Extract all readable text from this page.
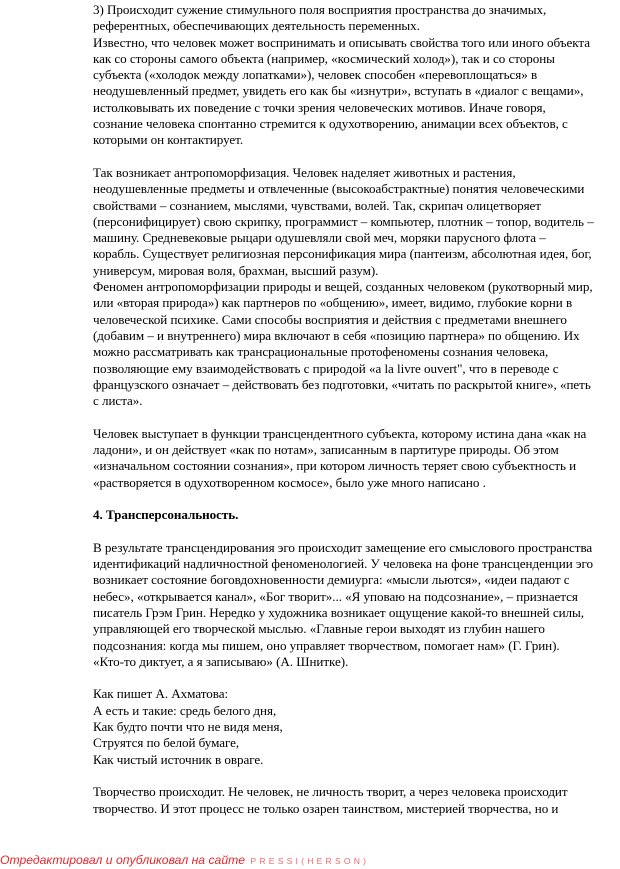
3) Происходит сужение стимульного поля восприятия пространства до значимых,
референтных, обеспечивающих деятельность переменных.
Известно, что человек может воспринимать и описывать свойства того или иного объекта
как со стороны самого объекта (например, «космический холод»), так и со стороны
субъекта («холодок между лопатками»), человек способен «перевоплощаться» в
неодушевленный предмет, увидеть его как бы «изнутри», вступать в «диалог с вещами»,
истолковывать их поведение с точки зрения человеческих мотивов. Иначе говоря,
сознание человека спонтанно стремится к одухотворению, анимации всех объектов, с
которыми он контактирует.
Так возникает антропоморфизация. Человек наделяет животных и растения,
неодушевленные предметы и отвлеченные (высокоабстрактные) понятия человеческими
свойствами – сознанием, мыслями, чувствами, волей. Так, скрипач олицетворяет
(персонифицирует) свою скрипку, программист – компьютер, плотник – топор, водитель –
машину. Средневековые рыцари одушевляли свой меч, моряки парусного флота –
корабль. Существует религиозная персонификация мира (пантеизм, абсолютная идея, бог,
универсум, мировая воля, брахман, высший разум).
Феномен антропоморфизации природы и вещей, созданных человеком (рукотворный мир,
или «вторая природа») как партнеров по «общению», имеет, видимо, глубокие корни в
человеческой психике. Сами способы восприятия и действия с предметами внешнего
(добавим – и внутреннего) мира включают в себя «позицию партнера» по общению. Их
можно рассматривать как трансрациональные протофеномены сознания человека,
позволяющие ему взаимодействовать с природой «a la livre ouvert", что в переводе с
французского означает – действовать без подготовки, «читать по раскрытой книге», «петь
с листа».
Человек выступает в функции трансцендентного субъекта, которому истина дана «как на
ладони», и он действует «как по нотам», записанным в партитуре природы. Об этом
«изначальном состоянии сознания», при котором личность теряет свою субъектность и
«растворяется в одухотворенном космосе», было уже много написано .
4. Трансперсональность.
В результате трансцендирования эго происходит замещение его смыслового пространства
идентификаций надличностной феноменологией. У человека на фоне трансценденции эго
возникает состояние боговдохновенности демиурга: «мысли льются», «идеи падают с
небес», «открывается канал», «Бог творит»... «Я уповаю на подсознание», – признается
писатель Грэм Грин. Нередко у художника возникает ощущение какой-то внешней силы,
управляющей его творческой мыслью. «Главные герои выходят из глубин нашего
подсознания: когда мы пишем, оно управляет творчеством, помогает нам» (Г. Грин).
«Кто-то диктует, а я записываю» (А. Шнитке).
Как пишет А. Ахматова:
А есть и такие: средь белого дня,
Как будто почти что не видя меня,
Струятся по белой бумаге,
Как чистый источник в овраге.
Творчество происходит. Не человек, не личность творит, а через человека происходит
творчество. И этот процесс не только озарен таинством, мистерией творчества, но и
Отредактировал и опубликовал на сайте PRESSI(HERSON)
